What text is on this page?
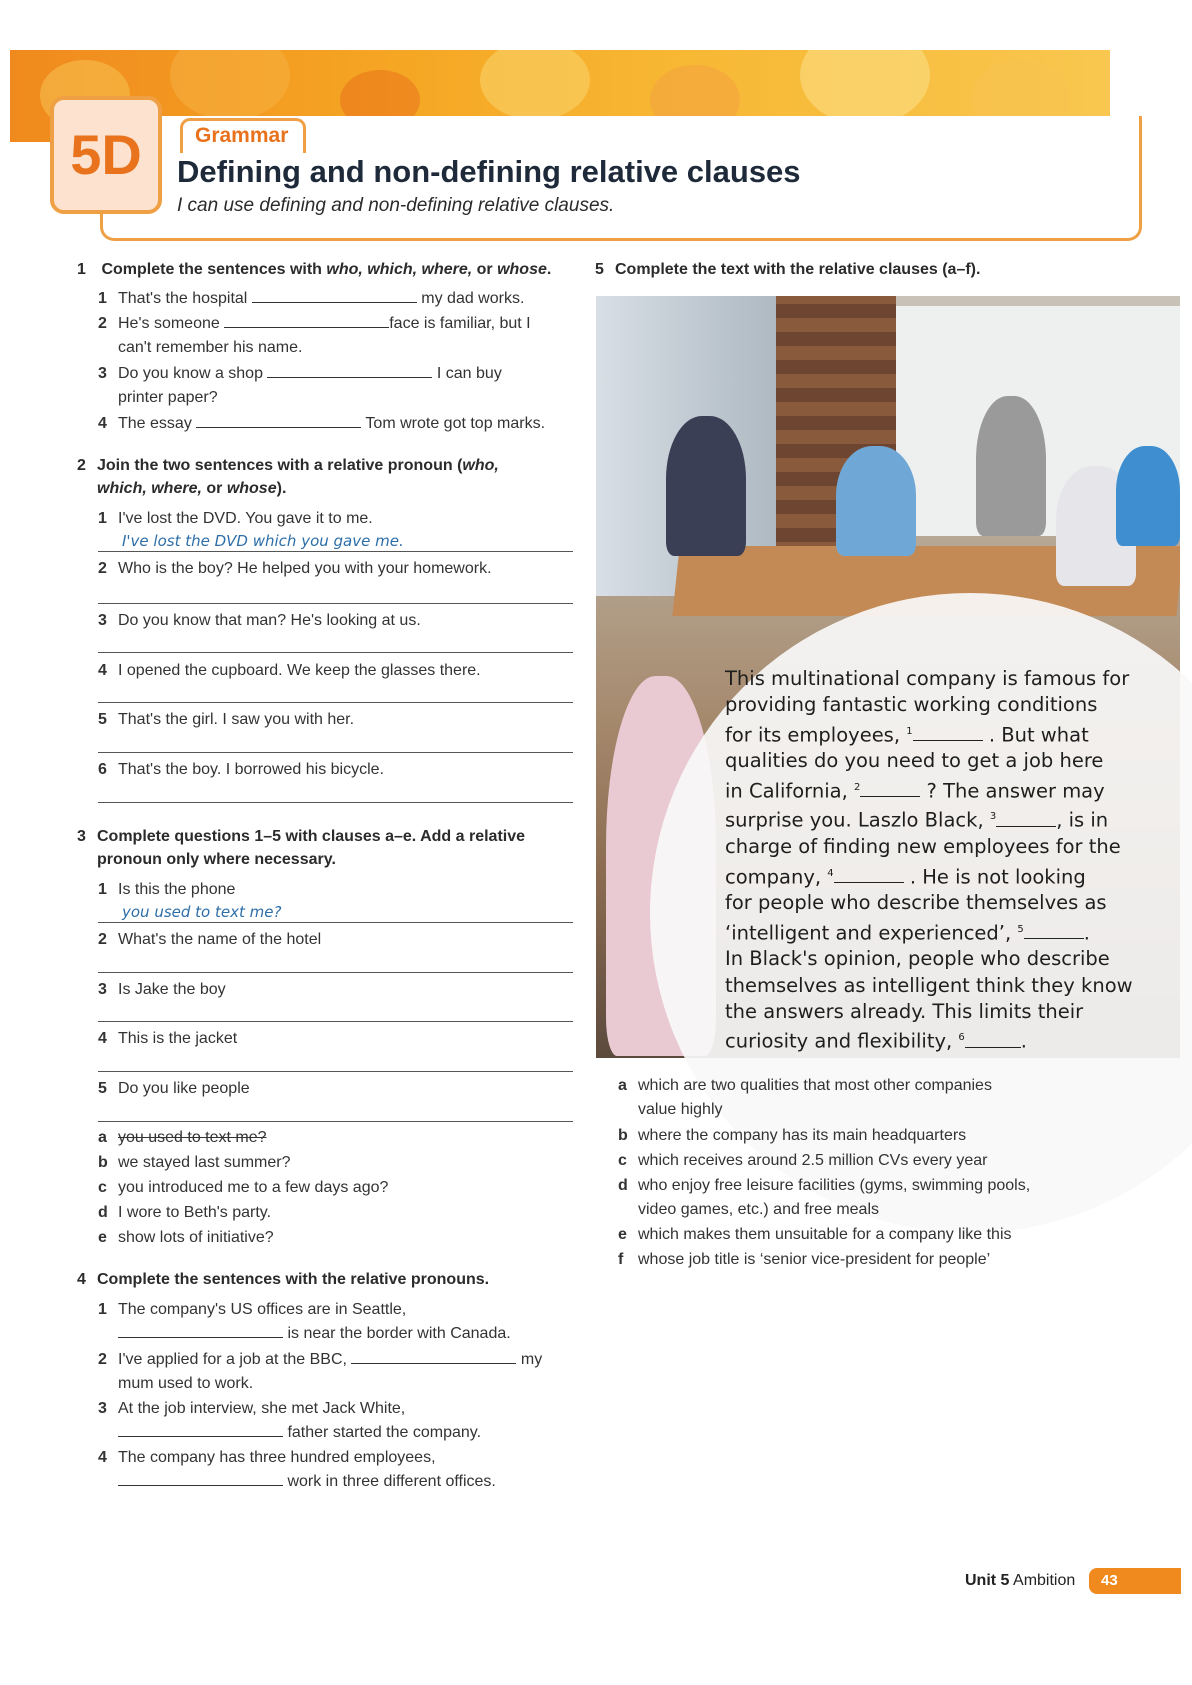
5D	Grammar
Defining and non-defining relative clauses
I can use defining and non-defining relative clauses.
1 Complete the sentences with who, which, where, or whose.
1 That's the hospital	my dad works.
2 He's someone	face is familiar, but I
can't remember his name.
3 Do you know a shop	I can buy
printer paper?
4 The essay	Tom wrote got top marks.
2 Join the two sentences with a relative pronoun (who,
which, where, or whose).
1 I've lost the DVD. You gave it to me.
I've lost the DVD which you gave me.
2 Who is the boy? He helped you with your homework.
3 Do you know that man? He's looking at us.
4 I opened the cupboard. We keep the glasses there.
5 That's the girl. I saw you with her.
6 That's the boy. I borrowed his bicycle.
3 Complete questions 1–5 with clauses a–e. Add a relative
pronoun only where necessary.
1 Is this the phone
you used to text me?
2 What's the name of the hotel
3 Is Jake the boy
4 This is the jacket
5 Do you like people
a you used to text me?
b we stayed last summer?
c you introduced me to a few days ago?
d I wore to Beth's party.
e show lots of initiative?
4 Complete the sentences with the relative pronouns.
1 The company's US offices are in Seattle,
is near the border with Canada.
2 I've applied for a job at the BBC,	my
mum used to work.
3 At the job interview, she met Jack White,
father started the company.
4 The company has three hundred employees,
work in three different offices.
5 Complete the text with the relative clauses (a–f).
This multinational company is famous for
providing fantastic working conditions
for its employees, $^1$	. But what
qualities do you need to get a job here
in California, $^2$	? The answer may
surprise you. Laszlo Black, $^3$	, is in
charge of finding new employees for the
company, $^4$	. He is not looking
for people who describe themselves as
‘intelligent and experienced’, $^5$	.
In Black's opinion, people who describe
themselves as intelligent think they know
the answers already. This limits their
curiosity and flexibility, $^6$	.
a which are two qualities that most other companies
value highly
b where the company has its main headquarters
c which receives around 2.5 million CVs every year
d who enjoy free leisure facilities (gyms, swimming pools,
video games, etc.) and free meals
e which makes them unsuitable for a company like this
f whose job title is ‘senior vice-president for people’
Unit 5 Ambition	43
